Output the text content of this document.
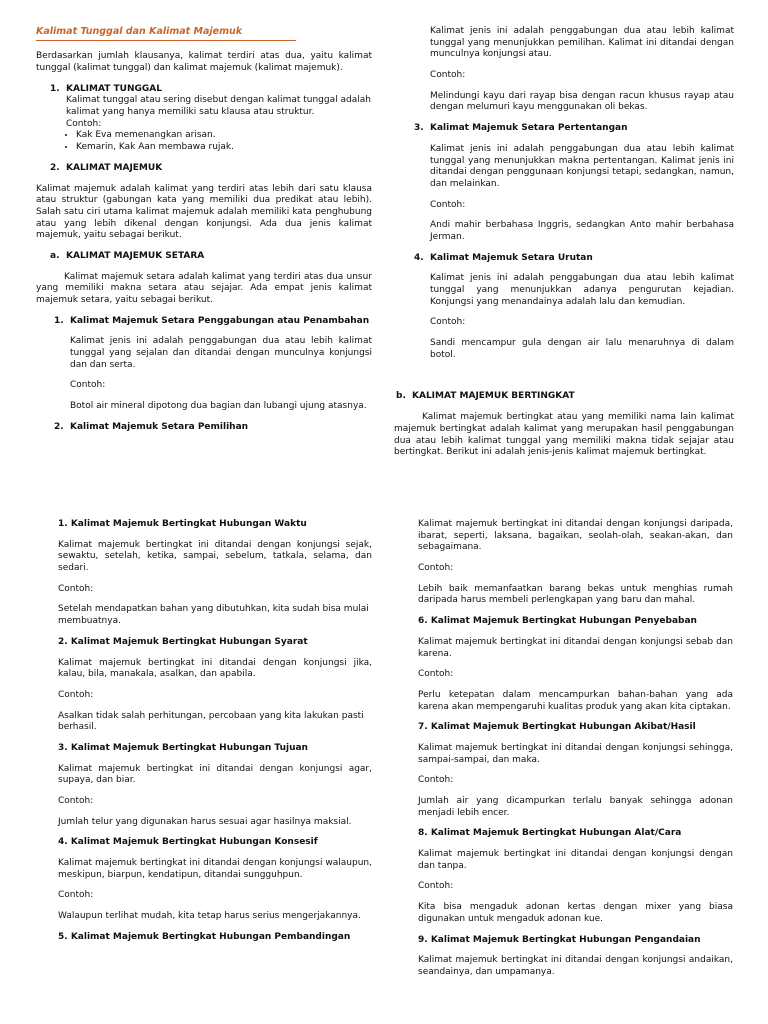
Kalimat Tunggal dan Kalimat Majemuk

Berdasarkan jumlah klausanya, kalimat terdiri atas dua, yaitu kalimat tunggal (kalimat tunggal) dan kalimat majemuk (kalimat majemuk).

1. KALIMAT TUNGGAL

Kalimat tunggal atau sering disebut dengan kalimat tunggal adalah kalimat yang hanya memiliki satu klausa atau struktur.

Contoh:

• Kak Eva memenangkan arisan.
• Kemarin, Kak Aan membawa rujak.

2. KALIMAT MAJEMUK

Kalimat majemuk adalah kalimat yang terdiri atas lebih dari satu klausa atau struktur (gabungan kata yang memiliki dua predikat atau lebih). Salah satu ciri utama kalimat majemuk adalah memiliki kata penghubung atau yang lebih dikenal dengan konjungsi. Ada dua jenis kalimat majemuk, yaitu sebagai berikut.

a. KALIMAT MAJEMUK SETARA

Kalimat majemuk setara adalah kalimat yang terdiri atas dua unsur yang memiliki makna setara atau sejajar. Ada empat jenis kalimat majemuk setara, yaitu sebagai berikut.

1. Kalimat Majemuk Setara Penggabungan atau Penambahan

Kalimat jenis ini adalah penggabungan dua atau lebih kalimat tunggal yang sejalan dan ditandai dengan munculnya konjungsi dan dan serta.

Contoh:

Botol air mineral dipotong dua bagian dan lubangi ujung atasnya.

2. Kalimat Majemuk Setara Pemilihan

Kalimat jenis ini adalah penggabungan dua atau lebih kalimat tunggal yang menunjukkan pemilihan. Kalimat ini ditandai dengan munculnya konjungsi atau.

Contoh:

Melindungi kayu dari rayap bisa dengan racun khusus rayap atau dengan melumuri kayu menggunakan oli bekas.

3. Kalimat Majemuk Setara Pertentangan

Kalimat jenis ini adalah penggabungan dua atau lebih kalimat tunggal yang menunjukkan makna pertentangan. Kalimat jenis ini ditandai dengan penggunaan konjungsi tetapi, sedangkan, namun, dan melainkan.

Contoh:

Andi mahir berbahasa Inggris, sedangkan Anto mahir berbahasa Jerman.

4. Kalimat Majemuk Setara Urutan

Kalimat jenis ini adalah penggabungan dua atau lebih kalimat tunggal yang menunjukkan adanya pengurutan kejadian. Konjungsi yang menandainya adalah lalu dan kemudian.

Contoh:

Sandi mencampur gula dengan air lalu menaruhnya di dalam botol.

b. KALIMAT MAJEMUK BERTINGKAT

Kalimat majemuk bertingkat atau yang memiliki nama lain kalimat majemuk bertingkat adalah kalimat yang merupakan hasil penggabungan dua atau lebih kalimat tunggal yang memiliki makna tidak sejajar atau bertingkat. Berikut ini adalah jenis-jenis kalimat majemuk bertingkat.

1. Kalimat Majemuk Bertingkat Hubungan Waktu

Kalimat majemuk bertingkat ini ditandai dengan konjungsi sejak, sewaktu, setelah, ketika, sampai, sebelum, tatkala, selama, dan sedari.

Contoh:

Setelah mendapatkan bahan yang dibutuhkan, kita sudah bisa mulai membuatnya.

2. Kalimat Majemuk Bertingkat Hubungan Syarat

Kalimat majemuk bertingkat ini ditandai dengan konjungsi jika, kalau, bila, manakala, asalkan, dan apabila.

Contoh:

Asalkan tidak salah perhitungan, percobaan yang kita lakukan pasti berhasil.

3. Kalimat Majemuk Bertingkat Hubungan Tujuan

Kalimat majemuk bertingkat ini ditandai dengan konjungsi agar, supaya, dan biar.

Contoh:

Jumlah telur yang digunakan harus sesuai agar hasilnya maksial.

4. Kalimat Majemuk Bertingkat Hubungan Konsesif

Kalimat majemuk bertingkat ini ditandai dengan konjungsi walaupun, meskipun, biarpun, kendatipun, ditandai sungguhpun.

Contoh:

Walaupun terlihat mudah, kita tetap harus serius mengerjakannya.

5. Kalimat Majemuk Bertingkat Hubungan Pembandingan

Kalimat majemuk bertingkat ini ditandai dengan konjungsi daripada, ibarat, seperti, laksana, bagaikan, seolah-olah, seakan-akan, dan sebagaimana.

Contoh:

Lebih baik memanfaatkan barang bekas untuk menghias rumah daripada harus membeli perlengkapan yang baru dan mahal.

6. Kalimat Majemuk Bertingkat Hubungan Penyebaban

Kalimat majemuk bertingkat ini ditandai dengan konjungsi sebab dan karena.

Contoh:

Perlu ketepatan dalam mencampurkan bahan-bahan yang ada karena akan mempengaruhi kualitas produk yang akan kita ciptakan.

7. Kalimat Majemuk Bertingkat Hubungan Akibat/Hasil

Kalimat majemuk bertingkat ini ditandai dengan konjungsi sehingga, sampai-sampai, dan maka.

Contoh:

Jumlah air yang dicampurkan terlalu banyak sehingga adonan menjadi lebih encer.

8. Kalimat Majemuk Bertingkat Hubungan Alat/Cara

Kalimat majemuk bertingkat ini ditandai dengan konjungsi dengan dan tanpa.

Contoh:

Kita bisa mengaduk adonan kertas dengan mixer yang biasa digunakan untuk mengaduk adonan kue.

9. Kalimat Majemuk Bertingkat Hubungan Pengandaian

Kalimat majemuk bertingkat ini ditandai dengan konjungsi andaikan, seandainya, dan umpamanya.
